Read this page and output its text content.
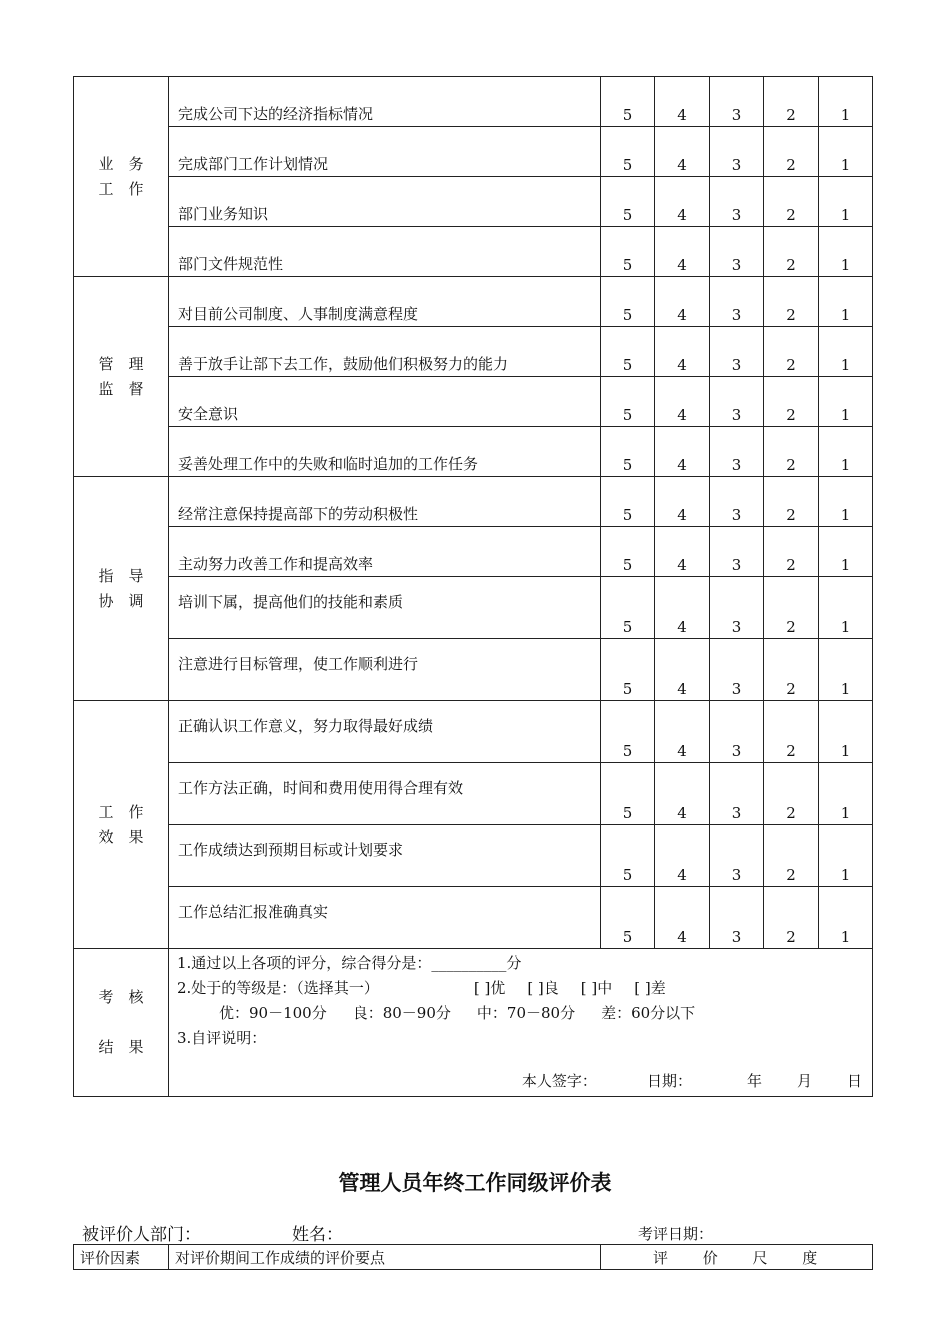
业　务
工　作	完成公司下达的经济指标情况	5	4	3	2	1
	完成部门工作计划情况	5	4	3	2	1
	部门业务知识	5	4	3	2	1
	部门文件规范性	5	4	3	2	1

管　理
监　督	对目前公司制度、人事制度满意程度	5	4	3	2	1
	善于放手让部下去工作，鼓励他们积极努力的能力	5	4	3	2	1
	安全意识	5	4	3	2	1
	妥善处理工作中的失败和临时追加的工作任务	5	4	3	2	1

指　导
协　调	经常注意保持提高部下的劳动积极性	5	4	3	2	1
	主动努力改善工作和提高效率	5	4	3	2	1
	培训下属，提高他们的技能和素质	5	4	3	2	1
	注意进行目标管理，使工作顺利进行	5	4	3	2	1

工　作
效　果	正确认识工作意义，努力取得最好成绩	5	4	3	2	1
	工作方法正确，时间和费用使用得合理有效	5	4	3	2	1
	工作成绩达到预期目标或计划要求	5	4	3	2	1
	工作总结汇报准确真实	5	4	3	2	1

考　核
结　果	1.通过以上各项的评分，综合得分是：__________分
2.处于的等级是：（选择其一） [ ]优 [ ]良 [ ]中 [ ]差
优：90－100分 良：80－90分 中：70－80分 差：60分以下
3.自评说明：
本人签字： 日期： 年 月 日					
管理人员年终工作同级评价表
被评价人部门：	姓名：	考评日期：
评价因素	对评价期间工作成绩的评价要点	评 价 尺 度
